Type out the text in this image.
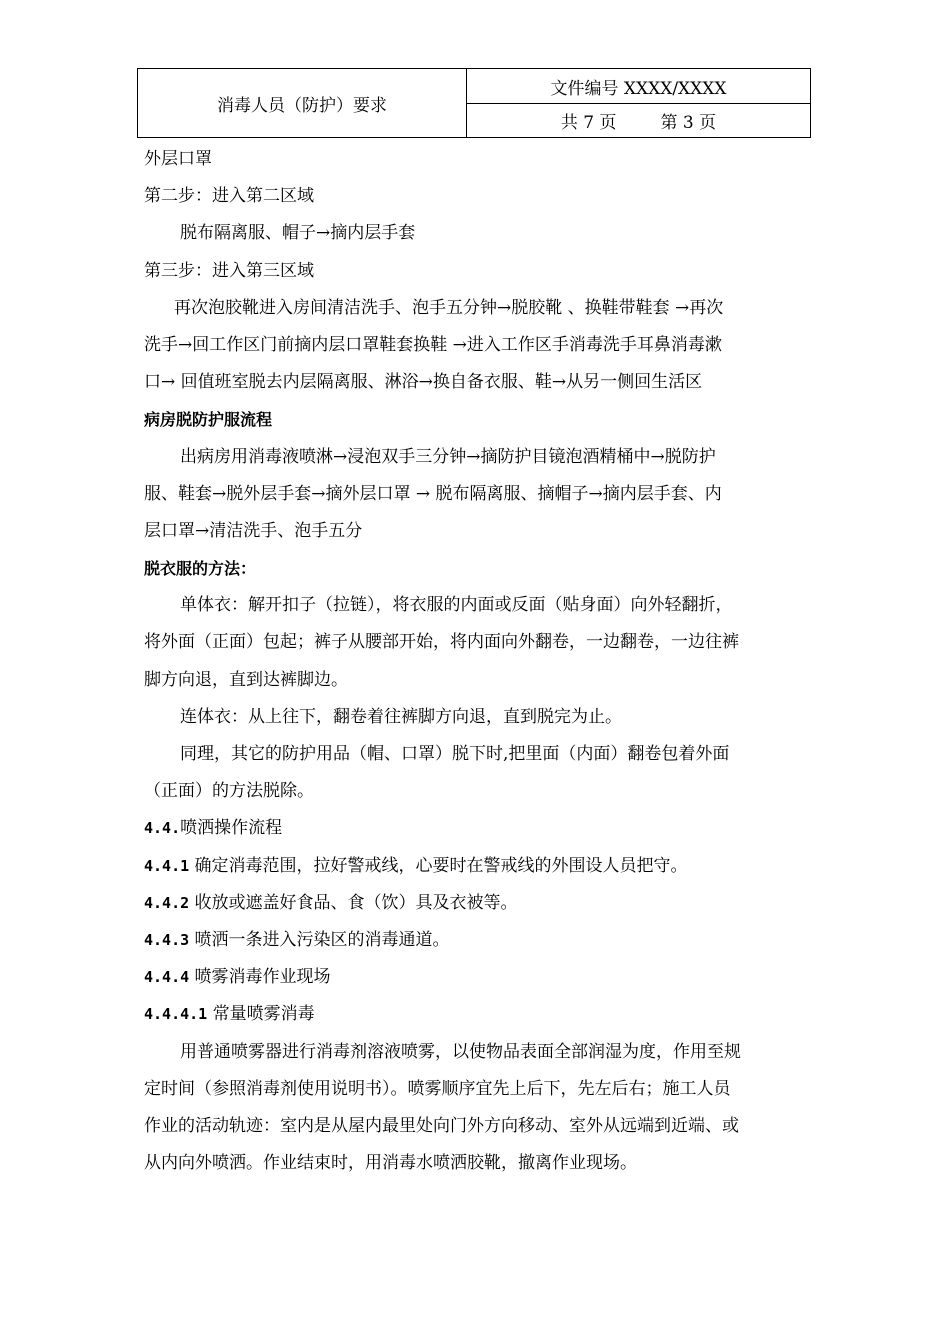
消毒人员（防护）要求	文件编号 XXXX/XXXX
共 7 页	第 3 页
外层口罩
第二步：进入第二区域
脱布隔离服、帽子→摘内层手套
第三步：进入第三区域
再次泡胶靴进入房间清洁洗手、泡手五分钟→脱胶靴 、换鞋带鞋套 →再次
洗手→回工作区门前摘内层口罩鞋套换鞋 →进入工作区手消毒洗手耳鼻消毒漱
口→ 回值班室脱去内层隔离服、淋浴→换自备衣服、鞋→从另一侧回生活区
病房脱防护服流程
出病房用消毒液喷淋→浸泡双手三分钟→摘防护目镜泡酒精桶中→脱防护
服、鞋套→脱外层手套→摘外层口罩 → 脱布隔离服、摘帽子→摘内层手套、内
层口罩→清洁洗手、泡手五分
脱衣服的方法：
单体衣：解开扣子（拉链），将衣服的内面或反面（贴身面）向外轻翻折，
将外面（正面）包起；裤子从腰部开始，将内面向外翻卷，一边翻卷，一边往裤
脚方向退，直到达裤脚边。
连体衣：从上往下，翻卷着往裤脚方向退，直到脱完为止。
同理，其它的防护用品（帽、口罩）脱下时,把里面（内面）翻卷包着外面
（正面）的方法脱除。
4.4.喷洒操作流程
4.4.1 确定消毒范围，拉好警戒线，心要时在警戒线的外围设人员把守。
4.4.2 收放或遮盖好食品、食（饮）具及衣被等。
4.4.3 喷洒一条进入污染区的消毒通道。
4.4.4 喷雾消毒作业现场
4.4.4.1 常量喷雾消毒
用普通喷雾器进行消毒剂溶液喷雾，以使物品表面全部润湿为度，作用至规
定时间（参照消毒剂使用说明书）。喷雾顺序宜先上后下，先左后右；施工人员
作业的活动轨迹：室内是从屋内最里处向门外方向移动、室外从远端到近端、或
从内向外喷洒。作业结束时，用消毒水喷洒胶靴，撤离作业现场。
